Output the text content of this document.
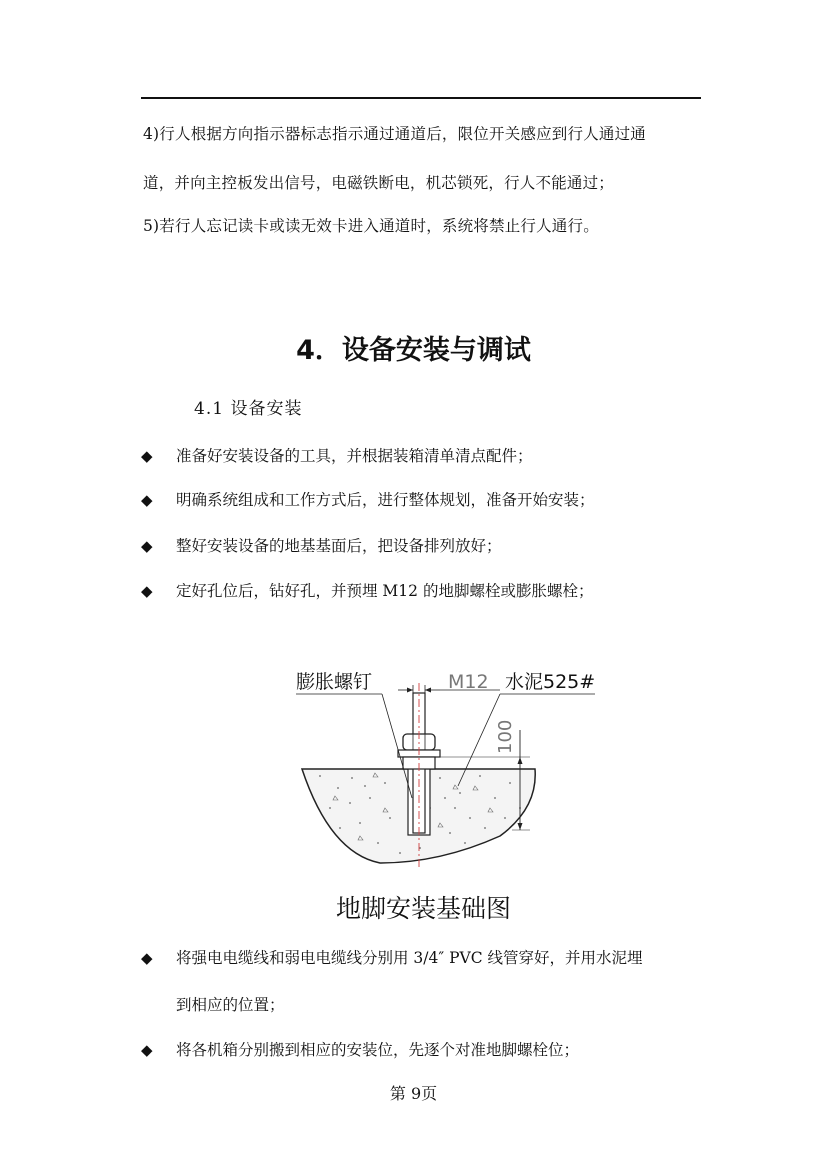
4)行人根据方向指示器标志指示通过通道后，限位开关感应到行人通过通
道，并向主控板发出信号，电磁铁断电，机芯锁死，行人不能通过；
5)若行人忘记读卡或读无效卡进入通道时，系统将禁止行人通行。
4．设备安装与调试
4.1 设备安装
◆ 准备好安装设备的工具，并根据装箱清单清点配件；
◆ 明确系统组成和工作方式后，进行整体规划，准备开始安装；
◆ 整好安装设备的地基基面后，把设备排列放好；
◆ 定好孔位后，钻好孔，并预埋 M12 的地脚螺栓或膨胀螺栓；
M12
膨胀螺钉	水泥525#
100
地脚安装基础图
◆ 将强电电缆线和弱电电缆线分别用 3/4″ PVC 线管穿好，并用水泥埋
到相应的位置；
◆ 将各机箱分别搬到相应的安装位，先逐个对准地脚螺栓位；
第 9页
